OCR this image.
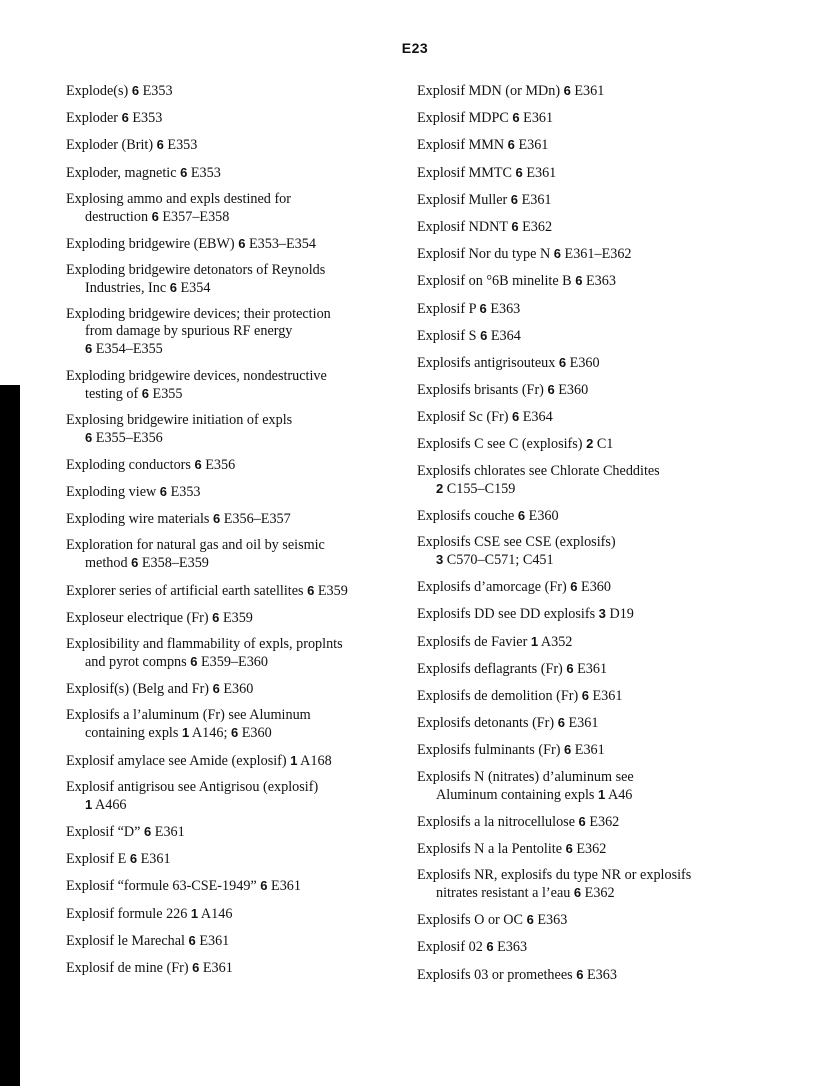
E23
Explode(s) 6 E353
Exploder 6 E353
Exploder (Brit) 6 E353
Exploder, magnetic 6 E353
Explosing ammo and expls destined for
destruction 6 E357–E358
Exploding bridgewire (EBW) 6 E353–E354
Exploding bridgewire detonators of Reynolds
Industries, Inc 6 E354
Exploding bridgewire devices; their protection
from damage by spurious RF energy
6 E354–E355
Exploding bridgewire devices, nondestructive
testing of 6 E355
Explosing bridgewire initiation of expls
6 E355–E356
Exploding conductors 6 E356
Exploding view 6 E353
Exploding wire materials 6 E356–E357
Exploration for natural gas and oil by seismic
method 6 E358–E359
Explorer series of artificial earth satellites 6 E359
Exploseur electrique (Fr) 6 E359
Explosibility and flammability of expls, proplnts
and pyrot compns 6 E359–E360
Explosif(s) (Belg and Fr) 6 E360
Explosifs a l’aluminum (Fr) see Aluminum
containing expls 1 A146; 6 E360
Explosif amylace see Amide (explosif) 1 A168
Explosif antigrisou see Antigrisou (explosif)
1 A466
Explosif “D” 6 E361
Explosif E 6 E361
Explosif “formule 63-CSE-1949” 6 E361
Explosif formule 226 1 A146
Explosif le Marechal 6 E361
Explosif de mine (Fr) 6 E361
Explosif MDN (or MDn) 6 E361
Explosif MDPC 6 E361
Explosif MMN 6 E361
Explosif MMTC 6 E361
Explosif Muller 6 E361
Explosif NDNT 6 E362
Explosif Nor du type N 6 E361–E362
Explosif on °6B minelite B 6 E363
Explosif P 6 E363
Explosif S 6 E364
Explosifs antigrisouteux 6 E360
Explosifs brisants (Fr) 6 E360
Explosif Sc (Fr) 6 E364
Explosifs C see C (explosifs) 2 C1
Explosifs chlorates see Chlorate Cheddites
2 C155–C159
Explosifs couche 6 E360
Explosifs CSE see CSE (explosifs)
3 C570–C571; C451
Explosifs d’amorcage (Fr) 6 E360
Explosifs DD see DD explosifs 3 D19
Explosifs de Favier 1 A352
Explosifs deflagrants (Fr) 6 E361
Explosifs de demolition (Fr) 6 E361
Explosifs detonants (Fr) 6 E361
Explosifs fulminants (Fr) 6 E361
Explosifs N (nitrates) d’aluminum see
Aluminum containing expls 1 A46
Explosifs a la nitrocellulose 6 E362
Explosifs N a la Pentolite 6 E362
Explosifs NR, explosifs du type NR or explosifs
nitrates resistant a l’eau 6 E362
Explosifs O or OC 6 E363
Explosif 02 6 E363
Explosifs 03 or promethees 6 E363
